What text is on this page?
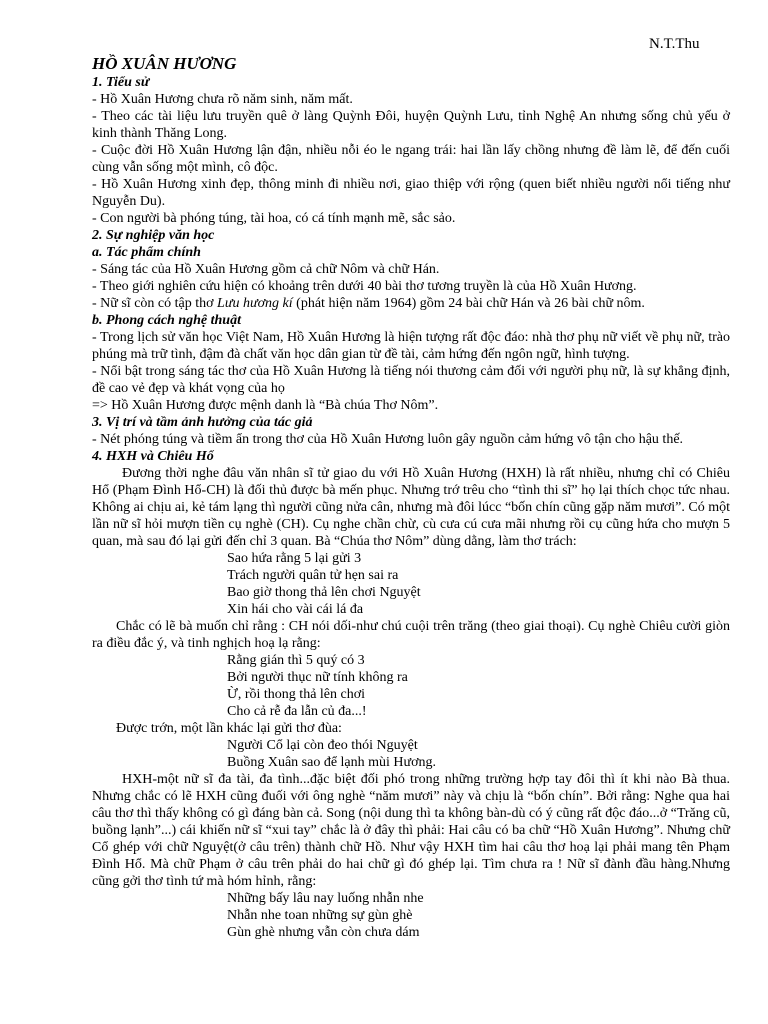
N.T.Thu
HỒ XUÂN HƯƠNG
1. Tiểu sử
- Hồ Xuân Hương chưa rõ năm sinh, năm mất.
- Theo các tài liệu lưu truyền quê ở làng Quỳnh Đôi, huyện Quỳnh Lưu, tỉnh Nghệ An nhưng sống chủ yếu ở kinh thành Thăng Long.
- Cuộc đời Hồ Xuân Hương lận đận, nhiều nỗi éo le ngang trái: hai lần lấy chồng nhưng đề làm lẽ, để đến cuối cùng vẫn sống một mình, cô độc.
- Hồ Xuân Hương xinh đẹp, thông minh đi nhiều nơi, giao thiệp với rộng (quen biết nhiều người nổi tiếng như Nguyễn Du).
- Con người bà phóng túng, tài hoa, có cá tính mạnh mẽ, sắc sảo.
2. Sự nghiệp văn học
a. Tác phẩm chính
- Sáng tác của Hồ Xuân Hương gồm cả chữ Nôm và chữ Hán.
- Theo giới nghiên cứu hiện có khoảng trên dưới 40 bài thơ tương truyền là của Hồ Xuân Hương.
- Nữ sĩ còn có tập thơ Lưu hương kí (phát hiện năm 1964) gồm 24 bài chữ Hán và 26 bài chữ nôm.
b. Phong cách nghệ thuật
- Trong lịch sử văn học Việt Nam, Hồ Xuân Hương là hiện tượng rất độc đáo: nhà thơ phụ nữ viết về phụ nữ, trào phúng mà trữ tình, đậm đà chất văn học dân gian từ đề tài, cảm hứng đến ngôn ngữ, hình tượng.
- Nổi bật trong sáng tác thơ của Hồ Xuân Hương là tiếng nói thương cảm đối với người phụ nữ, là sự khẳng định, đề cao vẻ đẹp và khát vọng của họ
=> Hồ Xuân Hương được mệnh danh là “Bà chúa Thơ Nôm”.
3. Vị trí và tầm ảnh hưởng của tác giả
- Nét phóng túng và tiềm ẩn trong thơ của Hồ Xuân Hương luôn gây nguồn cảm hứng vô tận cho hậu thế.
4. HXH và Chiêu Hổ
Đương thời nghe đâu văn nhân sĩ tử giao du với Hồ Xuân Hương (HXH) là rất nhiều, nhưng chỉ có Chiêu Hổ (Phạm Đình Hổ-CH) là đối thủ được bà mến phục. Nhưng trớ trêu cho “tình thi sĩ” họ lại thích chọc tức nhau. Không ai chịu ai, kẻ tám lạng thì người cũng nửa cân, nhưng mà đôi lúcc “bốn chín cũng gặp năm mươi”. Có một lần nữ sĩ hỏi mượn tiền cụ nghè (CH). Cụ nghe chần chừ, cù cưa cú cưa mãi nhưng rồi cụ cũng hứa cho mượn 5 quan, mà sau đó lại gửi đến chỉ 3 quan. Bà “Chúa thơ Nôm” dùng dằng, làm thơ trách:
Sao hứa rằng 5 lại gửi 3
Trách người quân tử hẹn sai ra
Bao giờ thong thả lên chơi Nguyệt
Xin hái cho vài cái lá đa
Chắc có lẽ bà muốn chỉ rằng : CH nói dối-như chú cuội trên trăng (theo giai thoại). Cụ nghè Chiêu cười giòn ra điều đắc ý, và tinh nghịch hoạ lạ rằng:
Rằng gián thì 5 quý có 3
Bởi người thục nữ tính không ra
Ừ, rồi thong thả lên chơi
Cho cả rễ đa lẫn củ đa...!
Được trớn, một lần khác lại gửi thơ đùa:
Người Cổ lại còn đeo thói Nguyệt
Buồng Xuân sao để lạnh mùi Hương.
HXH-một nữ sĩ đa tài, đa tình...đặc biệt đối phó trong những trường hợp tay đôi thì ít khi nào Bà thua. Nhưng chắc có lẽ HXH cũng đuối với ông nghè “năm mươi” này và chịu là “bốn chín”. Bởi rằng: Nghe qua hai câu thơ thì thấy không có gì đáng bàn cả. Song (nội dung thì ta không bàn-dù có ý cũng rất độc đáo...ở “Trăng cũ, buồng lạnh”...) cái khiến nữ sĩ “xui tay” chắc là ở đây thì phải: Hai câu có ba chữ “Hồ Xuân Hương”. Nhưng chữ Cổ ghép với chữ Nguyệt(ở câu trên) thành chữ Hồ. Như vậy HXH tìm hai câu thơ hoạ lại phải mang tên Phạm Đình Hổ. Mà chữ Phạm ở câu trên phải do hai chữ gì đó ghép lại. Tìm chưa ra ! Nữ sĩ đành đầu hàng.Nhưng cũng gởi thơ tình tứ mà hóm hỉnh, rằng:
Những bấy lâu nay luống nhẫn nhe
Nhẫn nhe toan những sự gùn ghè
Gùn ghè nhưng vẫn còn chưa dám
